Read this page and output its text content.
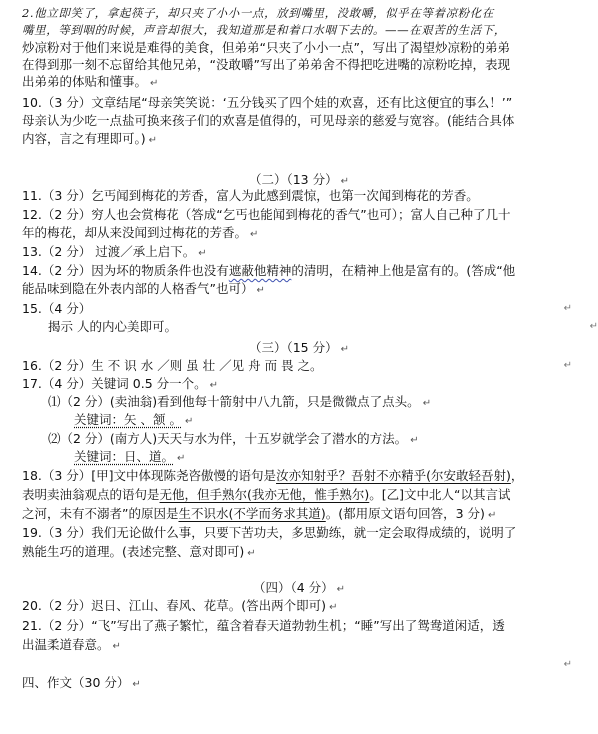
2.他立即笑了，拿起筷子，却只夹了小小一点，放到嘴里，没敢嚼，似乎在等着凉粉化在
嘴里，等到咽的时候，声音却很大，我知道那是和着口水咽下去的。——在艰苦的生活下，
炒凉粉对于他们来说是难得的美食，但弟弟“只夹了小小一点”，写出了渴望炒凉粉的弟弟
在得到那一刻不忘留给其他兄弟，“没敢嚼”写出了弟弟舍不得把吃进嘴的凉粉吃掉，表现
出弟弟的体贴和懂事。 ↵
10.（3 分）文章结尾“母亲笑笑说：‘五分钱买了四个娃的欢喜，还有比这便宜的事么！’”
母亲认为少吃一点盐可换来孩子们的欢喜是值得的，可见母亲的慈爱与宽容。(能结合具体
内容，言之有理即可。) ↵
（二）（13 分） ↵
11.（3 分）乞丐闻到梅花的芳香，富人为此感到震惊，也第一次闻到梅花的芳香。
12.（2 分）穷人也会赏梅花（答成“乞丐也能闻到梅花的香气”也可）；富人自己种了几十
年的梅花，却从来没闻到过梅花的芳香。 ↵
13.（2 分） 过渡／承上启下。 ↵
14.（2 分）因为坏的物质条件也没有遮蔽他精神的清明，在精神上他是富有的。(答成“他
能品味到隐在外表内部的人格香气”也可） ↵
15.（4 分）	↵
揭示 人的内心美即可。	↵
（三）（15 分） ↵
16.（2 分）生 不 识 水 ／则 虽 壮 ／见 舟 而 畏 之。	↵
17.（4 分）关键词 0.5 分一个。 ↵
⑴（2 分）(卖油翁)看到他每十箭射中八九箭，只是微微点了点头。 ↵
关键词：矢 、颔 。 ↵
⑵（2 分）(南方人)天天与水为伴，十五岁就学会了潜水的方法。 ↵
关键词：日、道。 ↵
18.（3 分）[甲]文中体现陈尧咨傲慢的语句是汝亦知射乎？吾射不亦精乎(尔安敢轻吾射)，
表明卖油翁观点的语句是无他，但手熟尔(我亦无他，惟手熟尔)。[乙]文中北人“以其言试
之河，未有不溺者”的原因是生不识水(不学而务求其道)。(都用原文语句回答，3 分) ↵
19.（3 分）我们无论做什么事，只要下苦功夫，多思勤练，就一定会取得成绩的，说明了
熟能生巧的道理。(表述完整、意对即可) ↵
（四）（4 分） ↵
20.（2 分）迟日、江山、春风、花草。(答出两个即可) ↵
21.（2 分）“飞”写出了燕子繁忙，蕴含着春天道勃勃生机；“睡”写出了鸳鸯道闲适，透
出温柔道春意。 ↵
↵
四、作文（30 分） ↵
